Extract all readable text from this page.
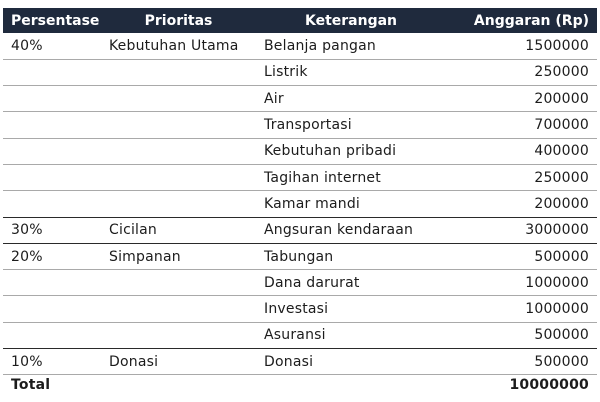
Persentase	Prioritas	Keterangan	Anggaran (Rp)
40%	Kebutuhan Utama	Belanja pangan	1500000
		Listrik	250000
		Air	200000
		Transportasi	700000
		Kebutuhan pribadi	400000
		Tagihan internet	250000
		Kamar mandi	200000
30%	Cicilan	Angsuran kendaraan	3000000
20%	Simpanan	Tabungan	500000
		Dana darurat	1000000
		Investasi	1000000
		Asuransi	500000
10%	Donasi	Donasi	500000
Total			10000000
